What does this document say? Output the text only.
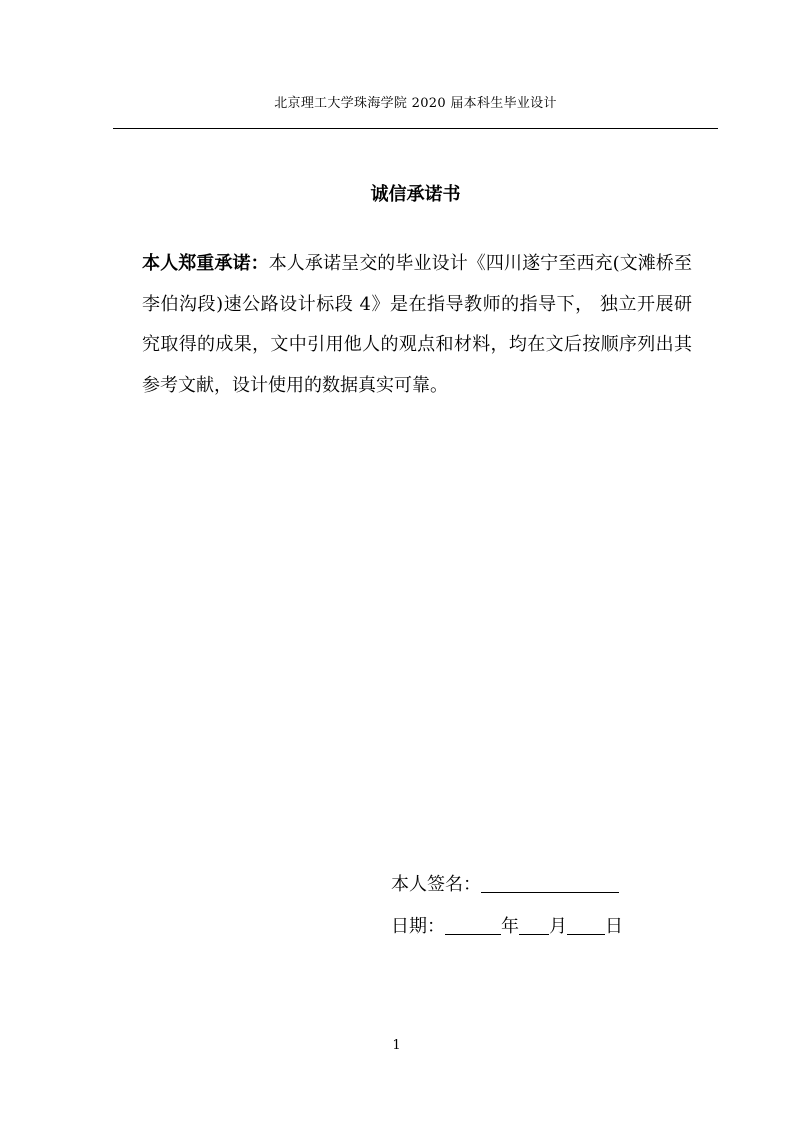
北京理工大学珠海学院 2020 届本科生毕业设计
诚信承诺书

本人郑重承诺：本人承诺呈交的毕业设计《四川遂宁至西充(文滩桥至李伯沟段)速公路设计标段 4》是在指导教师的指导下， 独立开展研究取得的成果，文中引用他人的观点和材料，均在文后按顺序列出其参考文献，设计使用的数据真实可靠。

本人签名：
日期：	年 月 日
1
